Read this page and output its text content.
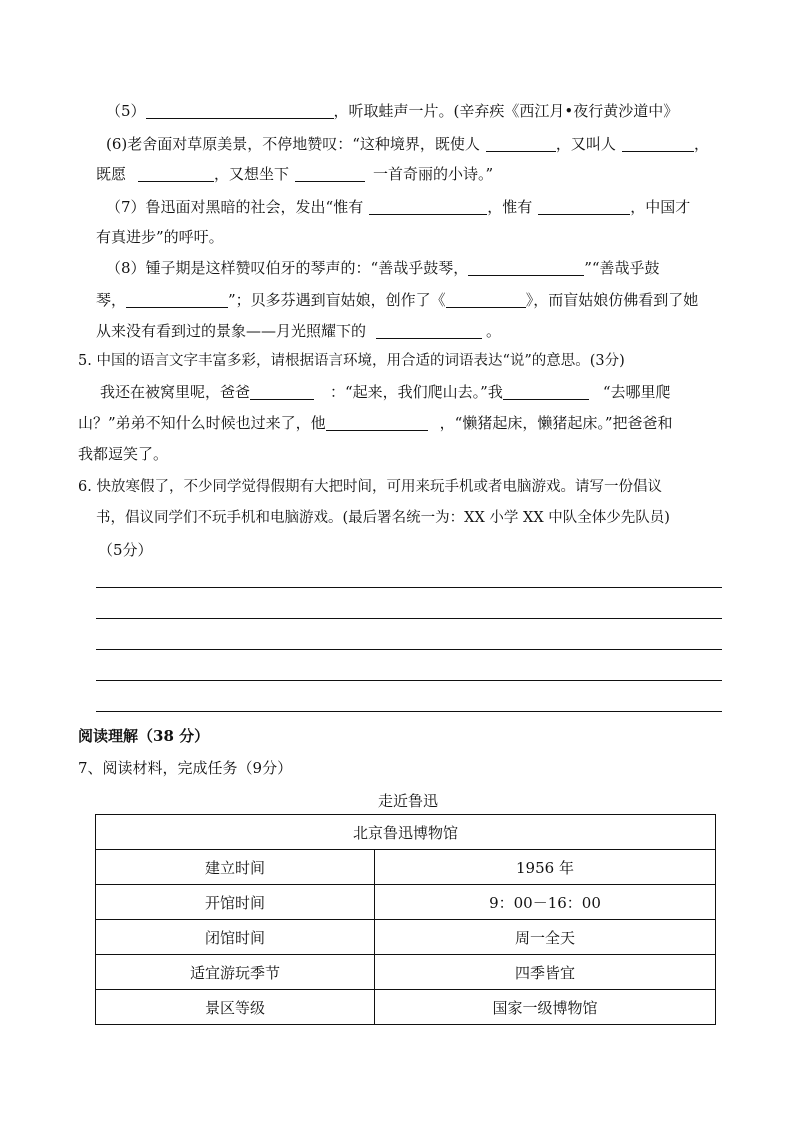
（5）	，听取蛙声一片。(辛弃疾《西江月•夜行黄沙道中》
(6)老舍面对草原美景，不停地赞叹：“这种境界，既使人	，又叫人	，
既愿	，又想坐下	一首奇丽的小诗。”
（7）鲁迅面对黑暗的社会，发出“惟有	，惟有	，中国才
有真进步”的呼吁。
（8）锺子期是这样赞叹伯牙的琴声的：“善哉乎鼓琴，	”“善哉乎鼓
琴，	”；贝多芬遇到盲姑娘，创作了《	》，而盲姑娘仿佛看到了她
从来没有看到过的景象——月光照耀下的	。
5. 中国的语言文字丰富多彩，请根据语言环境，用合适的词语表达“说”的意思。(3分)
我还在被窝里呢，爸爸	：“起来，我们爬山去。”我	“去哪里爬
山？”弟弟不知什么时候也过来了，他	，“懒猪起床，懒猪起床。”把爸爸和
我都逗笑了。
6. 快放寒假了，不少同学觉得假期有大把时间，可用来玩手机或者电脑游戏。请写一份倡议
书，倡议同学们不玩手机和电脑游戏。(最后署名统一为：XX 小学 XX 中队全体少先队员)
（5分）
阅读理解（38 分）
7、阅读材料，完成任务（9分）
走近鲁迅
北京鲁迅博物馆	
建立时间	1956 年
开馆时间	9：00－16：00
闭馆时间	周一全天
适宜游玩季节	四季皆宜
景区等级	国家一级博物馆
